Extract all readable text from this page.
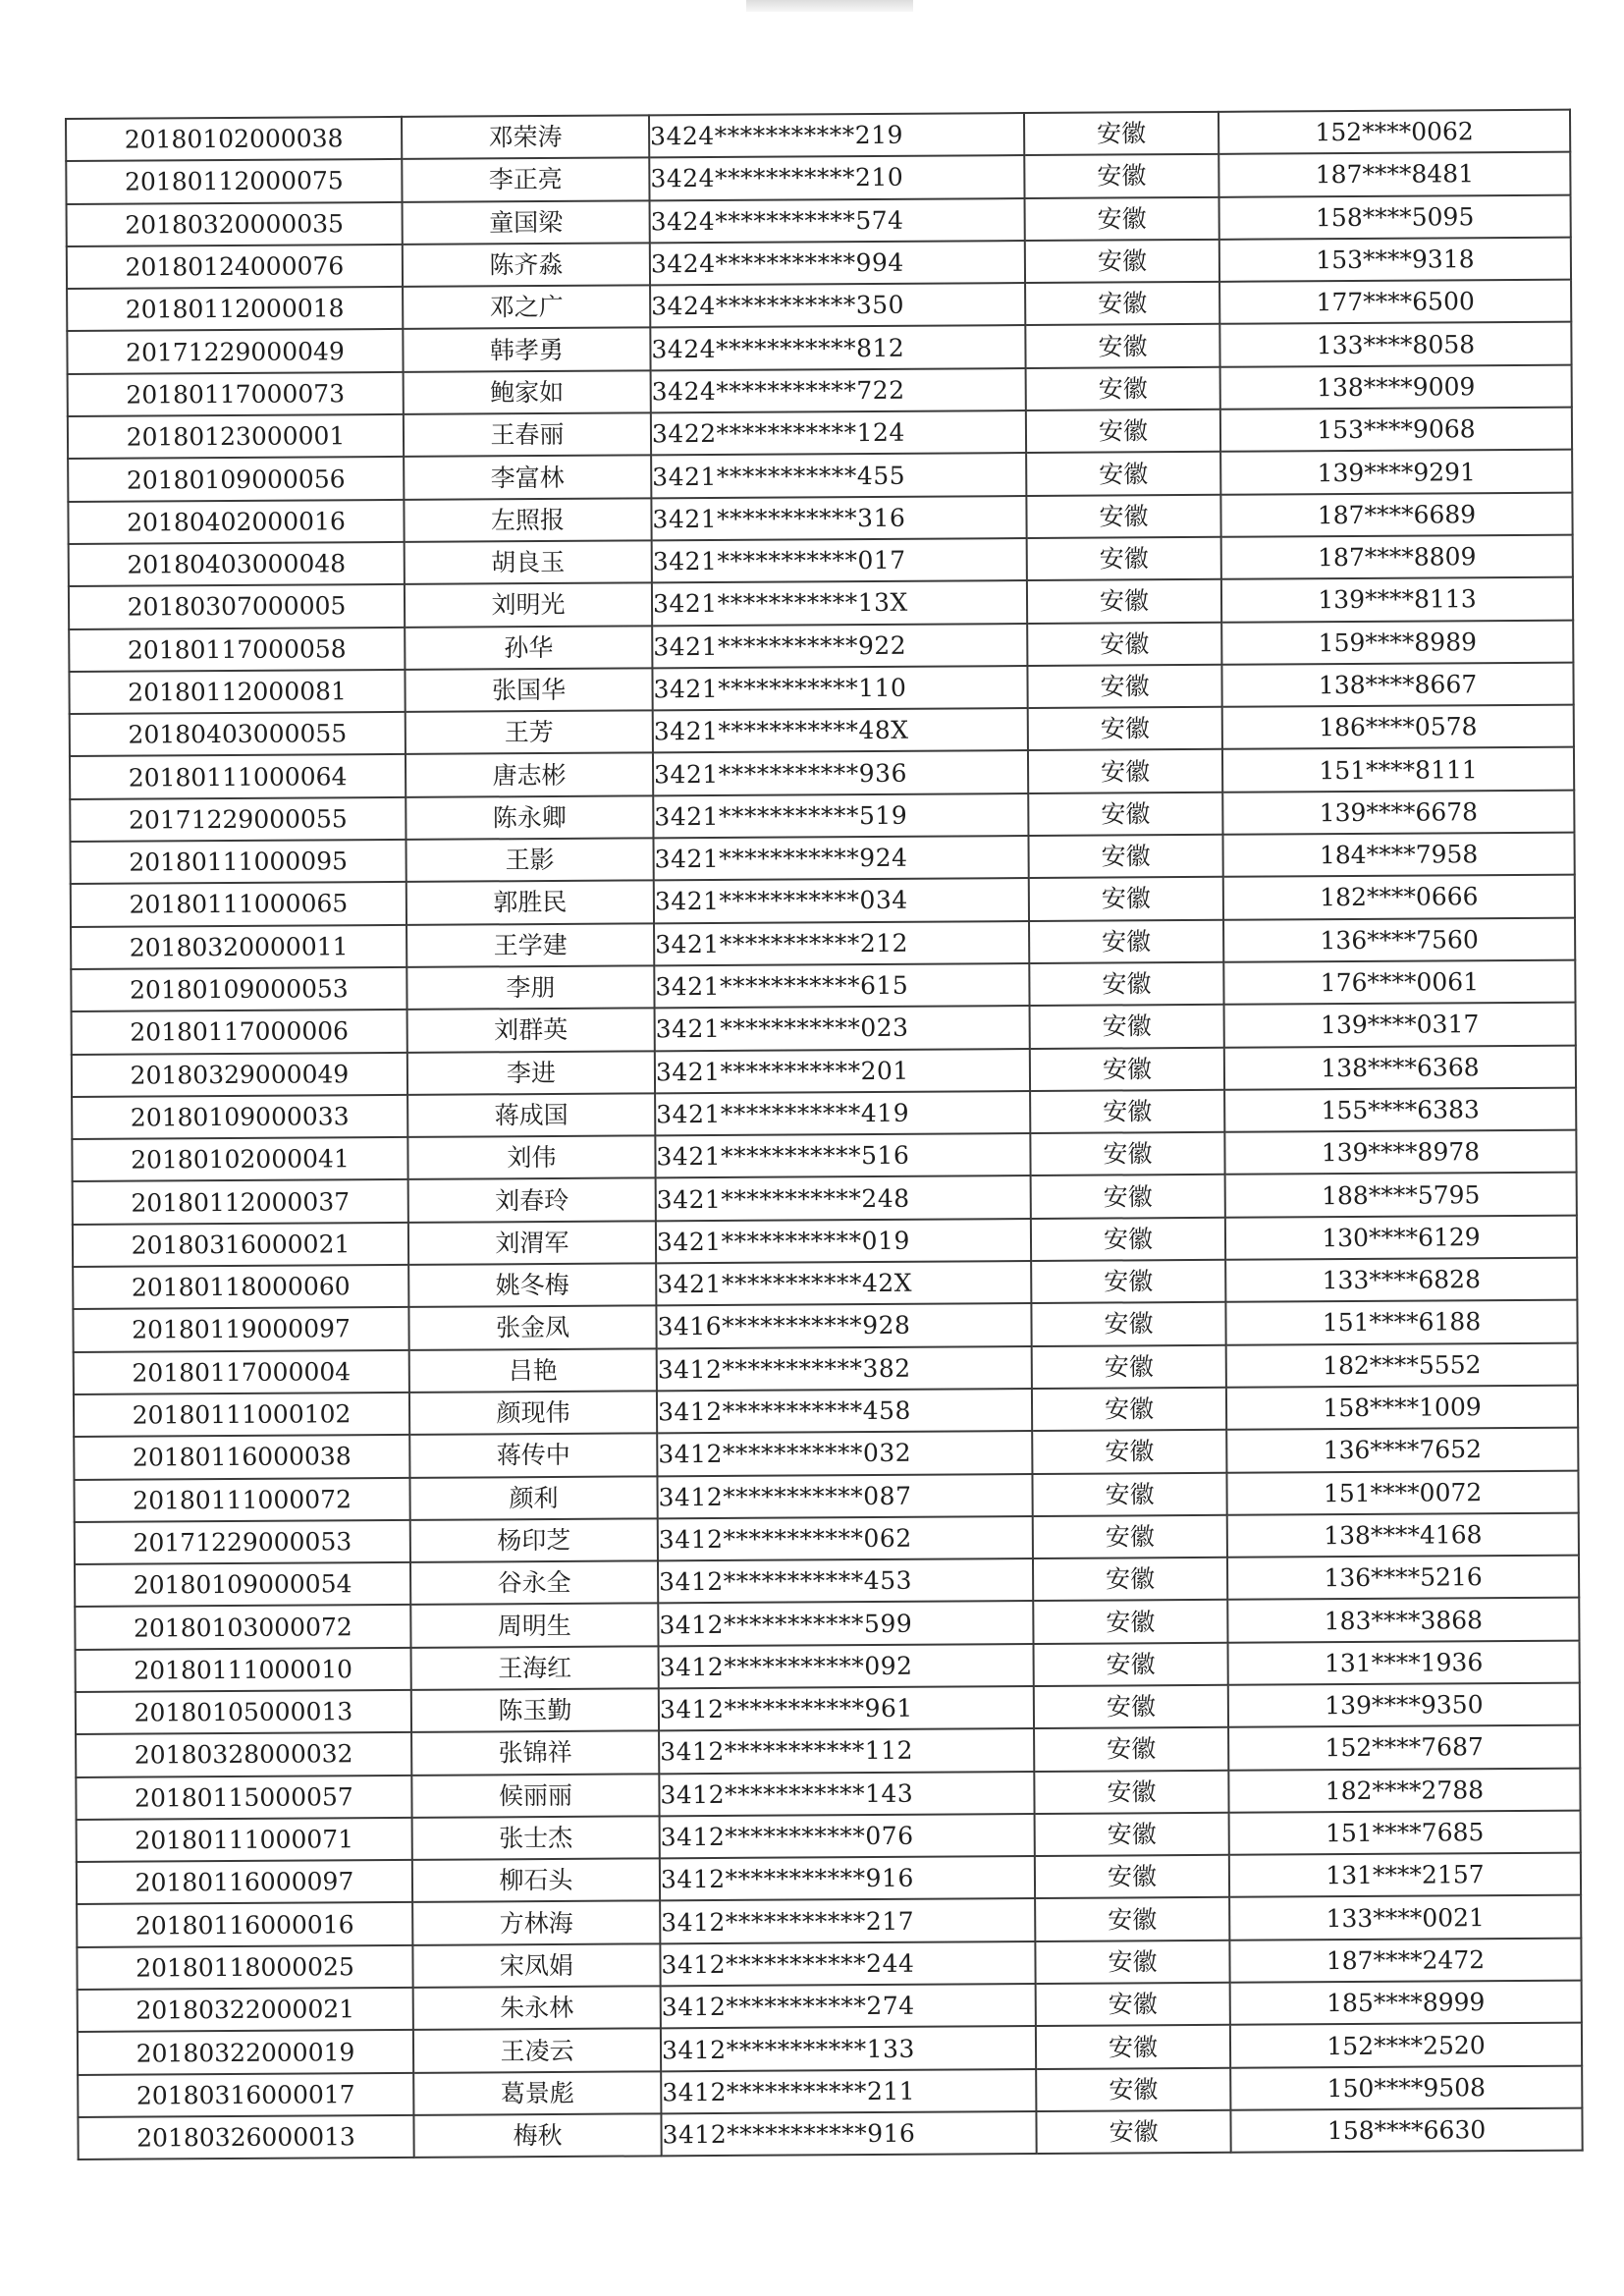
20180102000038	邓荣涛	3424***********219	安徽	152****0062
20180112000075	李正亮	3424***********210	安徽	187****8481
20180320000035	童国梁	3424***********574	安徽	158****5095
20180124000076	陈齐淼	3424***********994	安徽	153****9318
20180112000018	邓之广	3424***********350	安徽	177****6500
20171229000049	韩孝勇	3424***********812	安徽	133****8058
20180117000073	鲍家如	3424***********722	安徽	138****9009
20180123000001	王春丽	3422***********124	安徽	153****9068
20180109000056	李富林	3421***********455	安徽	139****9291
20180402000016	左照报	3421***********316	安徽	187****6689
20180403000048	胡良玉	3421***********017	安徽	187****8809
20180307000005	刘明光	3421***********13X	安徽	139****8113
20180117000058	孙华	3421***********922	安徽	159****8989
20180112000081	张国华	3421***********110	安徽	138****8667
20180403000055	王芳	3421***********48X	安徽	186****0578
20180111000064	唐志彬	3421***********936	安徽	151****8111
20171229000055	陈永卿	3421***********519	安徽	139****6678
20180111000095	王影	3421***********924	安徽	184****7958
20180111000065	郭胜民	3421***********034	安徽	182****0666
20180320000011	王学建	3421***********212	安徽	136****7560
20180109000053	李朋	3421***********615	安徽	176****0061
20180117000006	刘群英	3421***********023	安徽	139****0317
20180329000049	李进	3421***********201	安徽	138****6368
20180109000033	蒋成国	3421***********419	安徽	155****6383
20180102000041	刘伟	3421***********516	安徽	139****8978
20180112000037	刘春玲	3421***********248	安徽	188****5795
20180316000021	刘渭军	3421***********019	安徽	130****6129
20180118000060	姚冬梅	3421***********42X	安徽	133****6828
20180119000097	张金凤	3416***********928	安徽	151****6188
20180117000004	吕艳	3412***********382	安徽	182****5552
20180111000102	颜现伟	3412***********458	安徽	158****1009
20180116000038	蒋传中	3412***********032	安徽	136****7652
20180111000072	颜利	3412***********087	安徽	151****0072
20171229000053	杨印芝	3412***********062	安徽	138****4168
20180109000054	谷永全	3412***********453	安徽	136****5216
20180103000072	周明生	3412***********599	安徽	183****3868
20180111000010	王海红	3412***********092	安徽	131****1936
20180105000013	陈玉勤	3412***********961	安徽	139****9350
20180328000032	张锦祥	3412***********112	安徽	152****7687
20180115000057	候丽丽	3412***********143	安徽	182****2788
20180111000071	张士杰	3412***********076	安徽	151****7685
20180116000097	柳石头	3412***********916	安徽	131****2157
20180116000016	方林海	3412***********217	安徽	133****0021
20180118000025	宋凤娟	3412***********244	安徽	187****2472
20180322000021	朱永林	3412***********274	安徽	185****8999
20180322000019	王凌云	3412***********133	安徽	152****2520
20180316000017	葛景彪	3412***********211	安徽	150****9508
20180326000013	梅秋	3412***********916	安徽	158****6630
